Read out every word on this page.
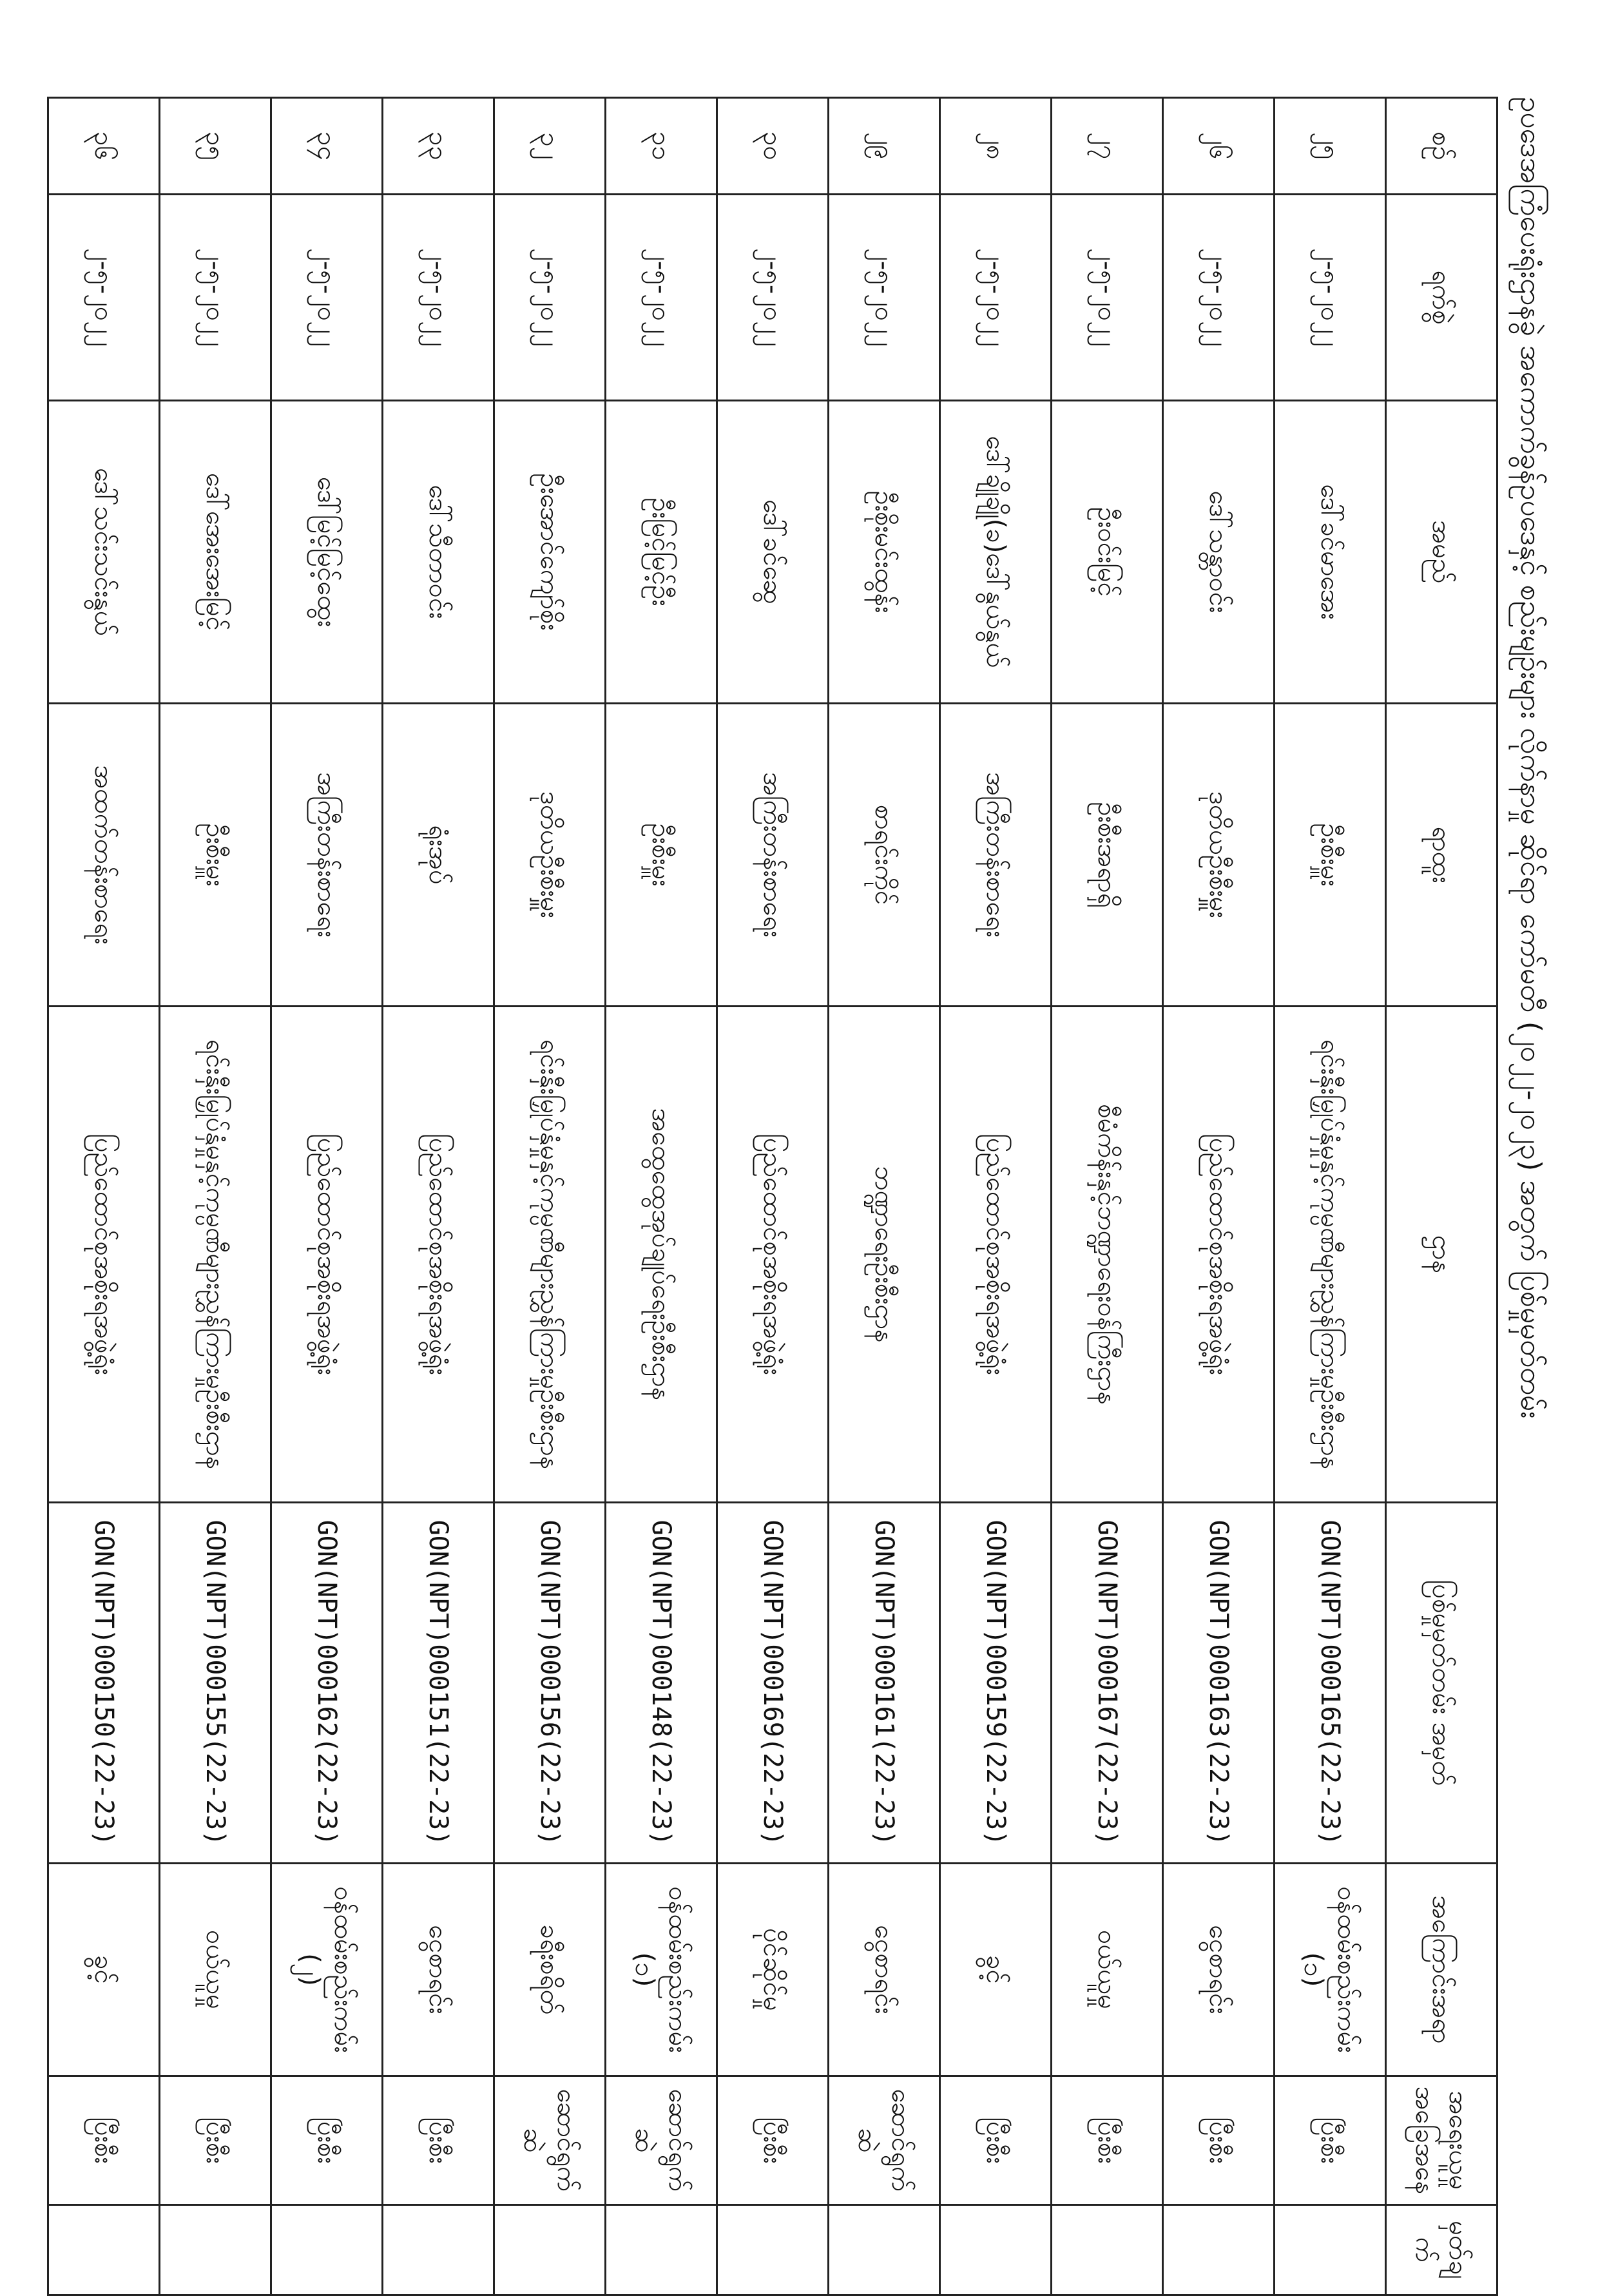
ဥပဒေအကြံပေးရုံးဌာနခွဲ အကောက်ခွန်ဥပဒေနှင့် စည်းမျဉ်းများ လိုက်နာမှု ဆိုင်ရာ ကော်မတီ (၂၀၂၂-၂၀၂၃) အတွက် ပြစ်မှုမှတ်တမ်း
စဉ်	ရက်စွဲ	အမည်	ရာထူး	ဌာန	ပြစ်မှုမှတ်တမ်း အမှတ်	အကြောင်းအရာ	အရေးယူမှု အခြေအနေ	မှတ်ချက်
၂၅	၂-၅-၂၀၂၂	ဒေါ်ခင်မာအေး	ဦးစီးမှူး	ရင်းနှီးမြှုပ်နှံမှုနှင့်ကုမ္ပဏီများညွှန်ကြားမှုဦးစီးဌာန	GON(NPT)000165(22-23)	ဝန်ထမ်းစည်းကမ်း (၁)	ပြီးစီး	
၂၆	၂-၅-၂၀၂၂	ဒေါ်သန္တာဝင်း	ဒုတိယဦးစီးမှူး	ပြည်ထောင်စုအစိုးရအဖွဲ့ရုံး	GON(NPT)000163(22-23)	ငွေစာရင်း	ပြီးစီး	
၂၇	၂-၅-၂၀၂၂	ဦးဝင်းမြင့်	ဦးစီးအရာရှိ	စီမံကိန်းနှင့်ဘဏ္ဍာရေးဝန်ကြီးဌာန	GON(NPT)000167(22-23)	ဝယ်ယူမှု	ပြီးစီး	
၂၈	၂-၅-၂၀၂၂	ဒေါ်ချိုချို(ခ)ဒေါ်နွယ်နွယ်	အကြီးတန်းစာရေး	ပြည်ထောင်စုအစိုးရအဖွဲ့ရုံး	GON(NPT)000159(22-23)	ခွင့်	ပြီးစီး	
၂၉	၂-၅-၂၀၂၂	ဦးစိုးမင်းထွန်း	စာရင်းကိုင်	ဘဏ္ဍာရေးဦးစီးဌာန	GON(NPT)000161(22-23)	ငွေစာရင်း	ဆောင်ရွက်ဆဲ	
၃၀	၂-၅-၂၀၂၂	ဒေါ်ခင်ဆွေ	အကြီးတန်းစာရေး	ပြည်ထောင်စုအစိုးရအဖွဲ့ရုံး	GON(NPT)000169(22-23)	ပိုင်ဆိုင်မှု	ပြီးစီး	
၃၁	၂-၅-၂၀၂၂	ဦးမြင့်မြင့်ဦး	ဦးစီးမှူး	အထွေထွေအုပ်ချုပ်ရေးဦးစီးဌာန	GON(NPT)000148(22-23)	ဝန်ထမ်းစည်းကမ်း (၁)	ဆောင်ရွက်ဆဲ	
၃၂	၂-၅-၂၀၂၂	ဦးအောင်ကျော်စိုး	ဒုတိယဦးစီးမှူး	ရင်းနှီးမြှုပ်နှံမှုနှင့်ကုမ္ပဏီများညွှန်ကြားမှုဦးစီးဌာန	GON(NPT)000156(22-23)	ခရီးစရိတ်	ဆောင်ရွက်ဆဲ	
၃၃	၂-၅-၂၀၂၂	ဒေါ်သီတာဝင်း	ရုံးအုပ်	ပြည်ထောင်စုအစိုးရအဖွဲ့ရုံး	GON(NPT)000151(22-23)	ငွေစာရင်း	ပြီးစီး	
၃၄	၂-၅-၂၀၂၂	ဒေါ်မြင့်မြင့်ထွေး	အကြီးတန်းစာရေး	ပြည်ထောင်စုအစိုးရအဖွဲ့ရုံး	GON(NPT)000162(22-23)	ဝန်ထမ်းစည်းကမ်း (၂)	ပြီးစီး	
၃၅	၂-၅-၂၀၂၂	ဒေါ်အေးအေးမြင့်	ဦးစီးမှူး	ရင်းနှီးမြှုပ်နှံမှုနှင့်ကုမ္ပဏီများညွှန်ကြားမှုဦးစီးဌာန	GON(NPT)000155(22-23)	ဝယ်ယူမှု	ပြီးစီး	
၃၆	၂-၅-၂၀၂၂	ဒေါ်သင်းသင်းနွယ်	အထက်တန်းစာရေး	ပြည်ထောင်စုအစိုးရအဖွဲ့ရုံး	GON(NPT)000150(22-23)	ခွင့်	ပြီးစီး	
